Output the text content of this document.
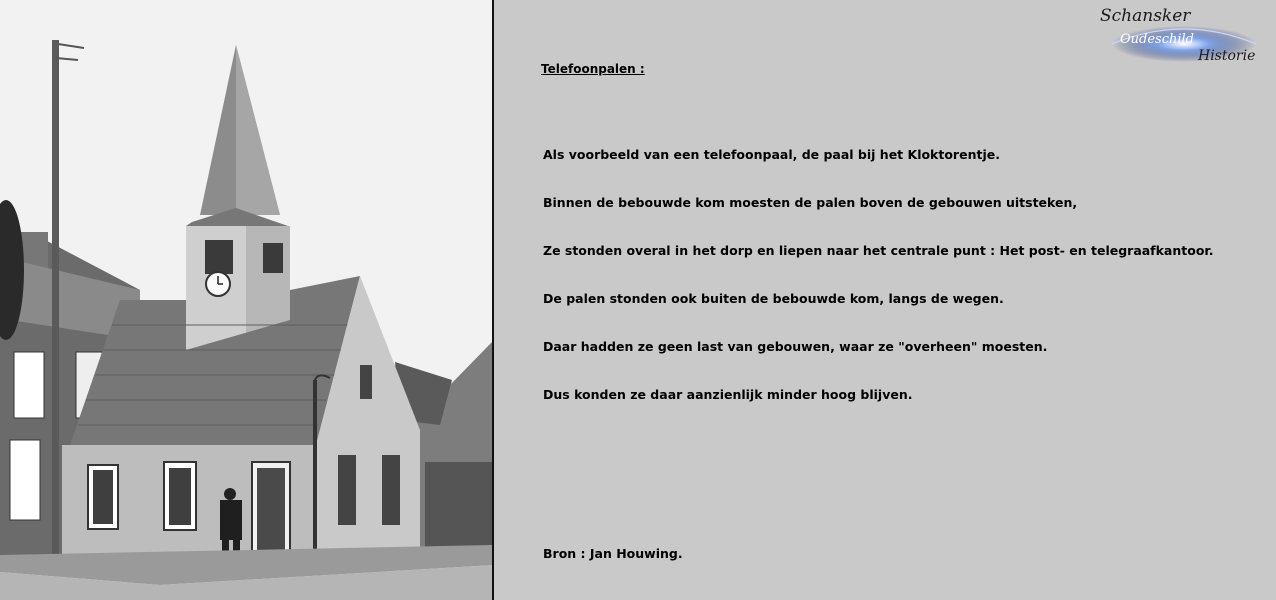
Schansker
Oudeschild
Historie

Telefoonpalen :

Als voorbeeld van een telefoonpaal, de paal bij het Kloktorentje.

Binnen de bebouwde kom moesten de palen boven de gebouwen uitsteken,

Ze stonden overal in het dorp en liepen naar het centrale punt : Het post- en telegraafkantoor.

De palen stonden ook buiten de bebouwde kom, langs de wegen.

Daar hadden ze geen last van gebouwen, waar ze "overheen" moesten.

Dus konden ze daar aanzienlijk minder hoog blijven.

Bron : Jan Houwing.
